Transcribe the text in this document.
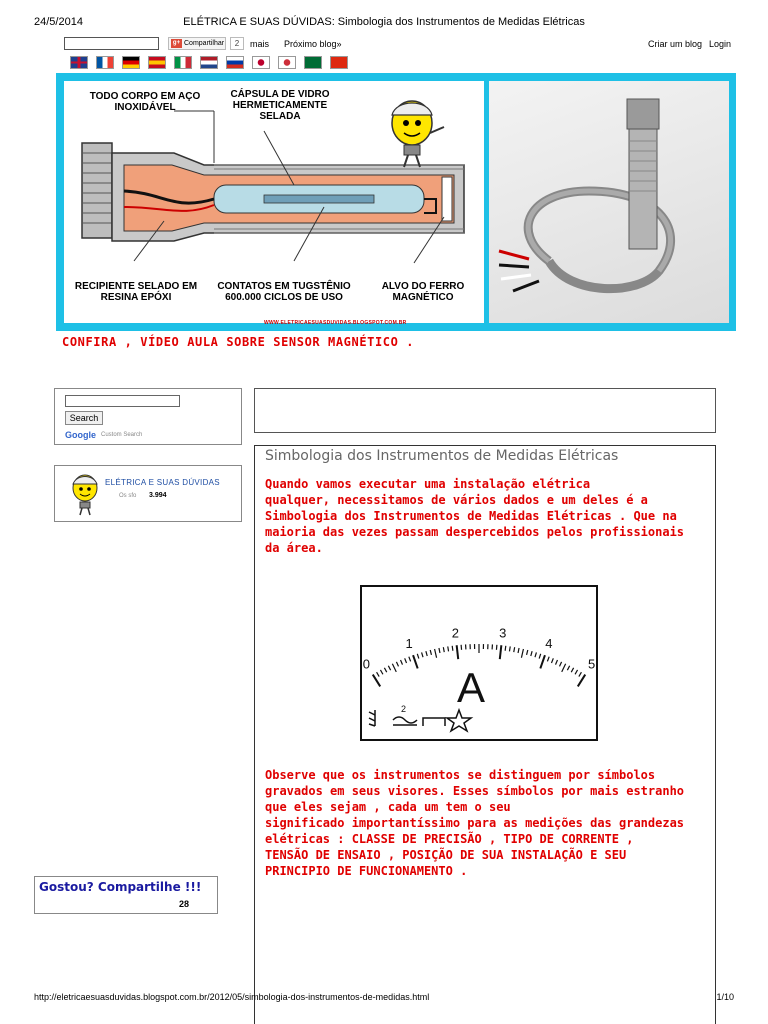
24/5/2014	ELÉTRICA E SUAS DÚVIDAS: Simbologia dos Instrumentos de Medidas Elétricas
g+ Compartilhar	2	mais Próximo blog»	Criar um blog Login
TODO CORPO EM AÇO INOXIDÁVEL
CÁPSULA DE VIDRO HERMETICAMENTE SELADA
RECIPIENTE SELADO EM RESINA EPÓXI
CONTATOS EM TUGSTÊNIO 600.000 CICLOS DE USO
ALVO DO FERRO MAGNÉTICO
WWW.ELETRICAESUASDUVIDAS.BLOGSPOT.COM.BR
CONFIRA , VÍDEO AULA SOBRE SENSOR MAGNÉTICO .
Search
Google Custom Search
ELÉTRICA E SUAS DÚVIDAS
Os sfo 3.994
Gostou? Compartilhe !!!
28
Simbologia dos Instrumentos de Medidas Elétricas
Quando vamos executar uma instalação elétrica
qualquer, necessitamos de vários dados e um deles é a
Simbologia dos Instrumentos de Medidas Elétricas . Que na
maioria das vezes passam despercebidos pelos profissionais
da área.
0
1
2	3
4
5
A
2
Observe que os instrumentos se distinguem por símbolos
gravados em seus visores. Esses símbolos por mais estranho
que eles sejam , cada um tem o seu
significado importantíssimo para as medições das grandezas
elétricas : CLASSE DE PRECISÃO , TIPO DE CORRENTE ,
TENSÃO DE ENSAIO , POSIÇÃO DE SUA INSTALAÇÃO E SEU
PRINCIPIO DE FUNCIONAMENTO .
http://eletricaesuasduvidas.blogspot.com.br/2012/05/simbologia-dos-instrumentos-de-medidas.html	1/10
